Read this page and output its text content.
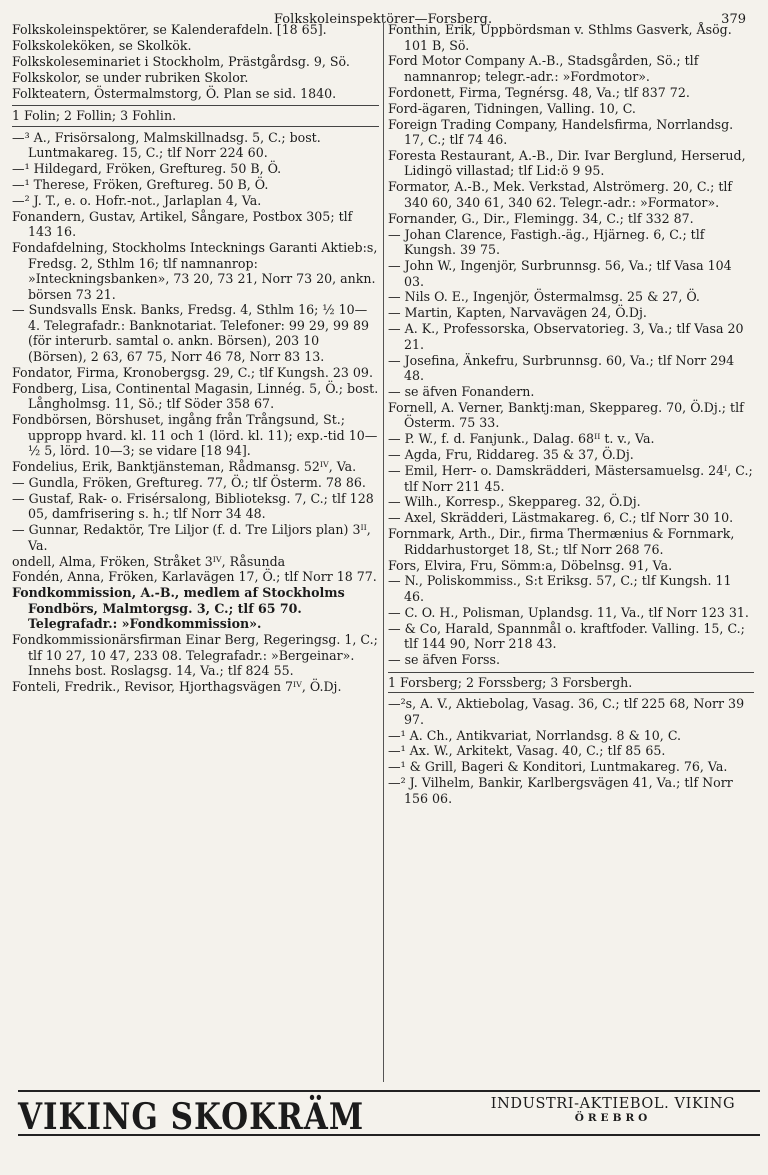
Folkskoleinspektörer—Forsberg.	379
Folkskoleinspektörer, se Kalenderafdeln. [18 65].
Folkskoleköken, se Skolkök.
Folkskoleseminariet i Stockholm, Prästgårdsg. 9, Sö.
Folkskolor, se under rubriken Skolor.
Folkteatern, Östermalmstorg, Ö. Plan se sid. 1840.
1 Folin; 2 Follin; 3 Fohlin.
—³ A., Frisörsalong, Malmskillnadsg. 5, C.; bost. Luntmakareg. 15, C.; tlf Norr 224 60.
—¹ Hildegard, Fröken, Greftureg. 50 B, Ö.
—¹ Therese, Fröken, Greftureg. 50 B, Ö.
—² J. T., e. o. Hofr.-not., Jarlaplan 4, Va.
Fonandern, Gustav, Artikel, Sångare, Postbox 305; tlf 143 16.
Fondafdelning, Stockholms Intecknings Garanti Aktieb:s, Fredsg. 2, Sthlm 16; tlf namnanrop: »Inteckningsbanken», 73 20, 73 21, Norr 73 20, ankn. börsen 73 21.
— Sundsvalls Ensk. Banks, Fredsg. 4, Sthlm 16; ½ 10—4. Telegrafadr.: Banknotariat. Telefoner: 99 29, 99 89 (för interurb. samtal o. ankn. Börsen), 203 10 (Börsen), 2 63, 67 75, Norr 46 78, Norr 83 13.
Fondator, Firma, Kronobergsg. 29, C.; tlf Kungsh. 23 09.
Fondberg, Lisa, Continental Magasin, Linnég. 5, Ö.; bost. Långholmsg. 11, Sö.; tlf Söder 358 67.
Fondbörsen, Börshuset, ingång från Trångsund, St.; uppropp hvard. kl. 11 och 1 (lörd. kl. 11); exp.-tid 10—½ 5, lörd. 10—3; se vidare [18 94].
Fondelius, Erik, Banktjänsteman, Rådmansg. 52ᴵⱽ, Va.
— Gundla, Fröken, Greftureg. 77, Ö.; tlf Österm. 78 86.
— Gustaf, Rak- o. Frisérsalong, Biblioteksg. 7, C.; tlf 128 05, damfrisering s. h.; tlf Norr 34 48.
— Gunnar, Redaktör, Tre Liljor (f. d. Tre Liljors plan) 3ᴵᴵ, Va.
ondell, Alma, Fröken, Stråket 3ᴵⱽ, Råsunda
Fondén, Anna, Fröken, Karlavägen 17, Ö.; tlf Norr 18 77.
Fondkommission, A.-B., medlem af Stockholms Fondbörs, Malmtorgsg. 3, C.; tlf 65 70. Telegrafadr.: »Fondkommission».
Fondkommissionärsfirman Einar Berg, Regeringsg. 1, C.; tlf 10 27, 10 47, 233 08. Telegrafadr.: »Bergeinar». Innehs bost. Roslagsg. 14, Va.; tlf 824 55.
Fonteli, Fredrik., Revisor, Hjorthagsvägen 7ᴵⱽ, Ö.Dj.
Fonthin, Erik, Uppbördsman v. Sthlms Gasverk, Åsög. 101 B, Sö.
Ford Motor Company A.-B., Stadsgården, Sö.; tlf namnanrop; telegr.-adr.: »Fordmotor».
Fordonett, Firma, Tegnérsg. 48, Va.; tlf 837 72.
Ford-ägaren, Tidningen, Valling. 10, C.
Foreign Trading Company, Handelsfirma, Norrlandsg. 17, C.; tlf 74 46.
Foresta Restaurant, A.-B., Dir. Ivar Berglund, Herserud, Lidingö villastad; tlf Lid:ö 9 95.
Formator, A.-B., Mek. Verkstad, Alströmerg. 20, C.; tlf 340 60, 340 61, 340 62. Telegr.-adr.: »Formator».
Fornander, G., Dir., Flemingg. 34, C.; tlf 332 87.
— Johan Clarence, Fastigh.-äg., Hjärneg. 6, C.; tlf Kungsh. 39 75.
— John W., Ingenjör, Surbrunnsg. 56, Va.; tlf Vasa 104 03.
— Nils O. E., Ingenjör, Östermalmsg. 25 & 27, Ö.
— Martin, Kapten, Narvavägen 24, Ö.Dj.
— A. K., Professorska, Observatorieg. 3, Va.; tlf Vasa 20 21.
— Josefina, Änkefru, Surbrunnsg. 60, Va.; tlf Norr 294 48.
— se äfven Fonandern.
Fornell, A. Verner, Banktj:man, Skeppareg. 70, Ö.Dj.; tlf Österm. 75 33.
— P. W., f. d. Fanjunk., Dalag. 68ᴵᴵ t. v., Va.
— Agda, Fru, Riddareg. 35 & 37, Ö.Dj.
— Emil, Herr- o. Damskrädderi, Mästersamuelsg. 24ᴵ, C.; tlf Norr 211 45.
— Wilh., Korresp., Skeppareg. 32, Ö.Dj.
— Axel, Skrädderi, Lästmakareg. 6, C.; tlf Norr 30 10.
Fornmark, Arth., Dir., firma Thermænius & Fornmark, Riddarhustorget 18, St.; tlf Norr 268 76.
Fors, Elvira, Fru, Sömm:a, Döbelnsg. 91, Va.
— N., Poliskommiss., S:t Eriksg. 57, C.; tlf Kungsh. 11 46.
— C. O. H., Polisman, Uplandsg. 11, Va., tlf Norr 123 31.
— & Co, Harald, Spannmål o. kraftfoder. Valling. 15, C.; tlf 144 90, Norr 218 43.
— se äfven Forss.
1 Forsberg; 2 Forssberg; 3 Forsbergh.
—²s, A. V., Aktiebolag, Vasag. 36, C.; tlf 225 68, Norr 39 97.
—¹ A. Ch., Antikvariat, Norrlandsg. 8 & 10, C.
—¹ Ax. W., Arkitekt, Vasag. 40, C.; tlf 85 65.
—¹ & Grill, Bageri & Konditori, Luntmakareg. 76, Va.
—² J. Vilhelm, Bankir, Karlbergsvägen 41, Va.; tlf Norr 156 06.
VIKING SKOKRÄM	INDUSTRI-AKTIEBOL. VIKING
ÖREBRO
